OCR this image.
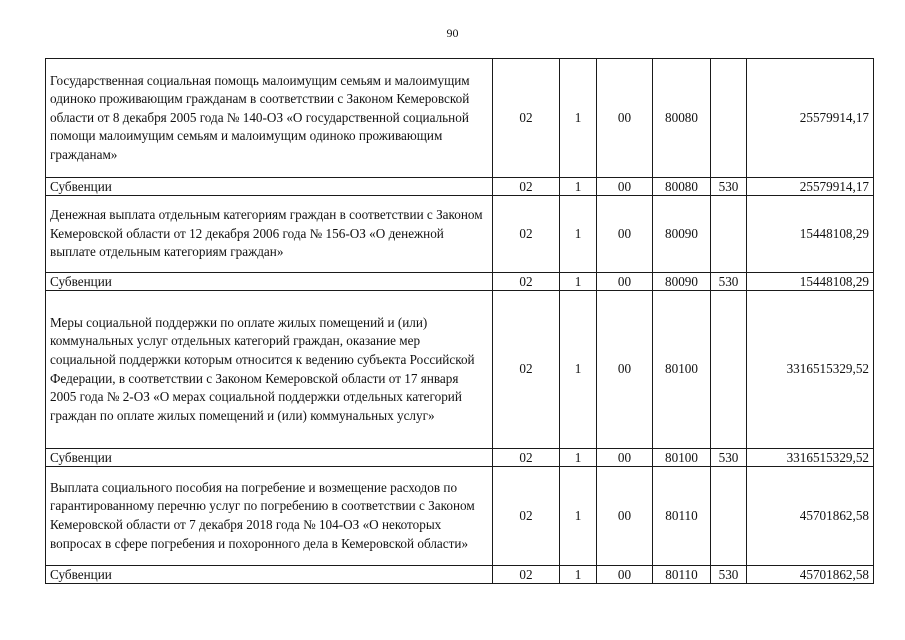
90
Государственная социальная помощь малоимущим семьям и малоимущим одиноко проживающим гражданам в соответствии с Законом Кемеровской области от 8 декабря 2005 года № 140-ОЗ «О государственной социальной помощи малоимущим семьям и малоимущим одиноко проживающим гражданам»	02	1	00	80080		25579914,17
Субвенции	02	1	00	80080	530	25579914,17
Денежная выплата отдельным категориям граждан в соответствии с Законом Кемеровской области от 12 декабря 2006 года № 156-ОЗ «О денежной выплате отдельным категориям граждан»	02	1	00	80090		15448108,29
Субвенции	02	1	00	80090	530	15448108,29
Меры социальной поддержки по оплате жилых помещений и (или) коммунальных услуг отдельных категорий граждан, оказание мер социальной поддержки которым относится к ведению субъекта Российской Федерации, в соответствии с Законом Кемеровской области от 17 января 2005 года № 2-ОЗ «О мерах социальной поддержки отдельных категорий граждан по оплате жилых помещений и (или) коммунальных услуг»	02	1	00	80100		3316515329,52
Субвенции	02	1	00	80100	530	3316515329,52
Выплата социального пособия на погребение и возмещение расходов по гарантированному перечню услуг по погребению в соответствии с Законом Кемеровской области от 7 декабря 2018 года № 104-ОЗ «О некоторых вопросах в сфере погребения и похоронного дела в Кемеровской области»	02	1	00	80110		45701862,58
Субвенции	02	1	00	80110	530	45701862,58
